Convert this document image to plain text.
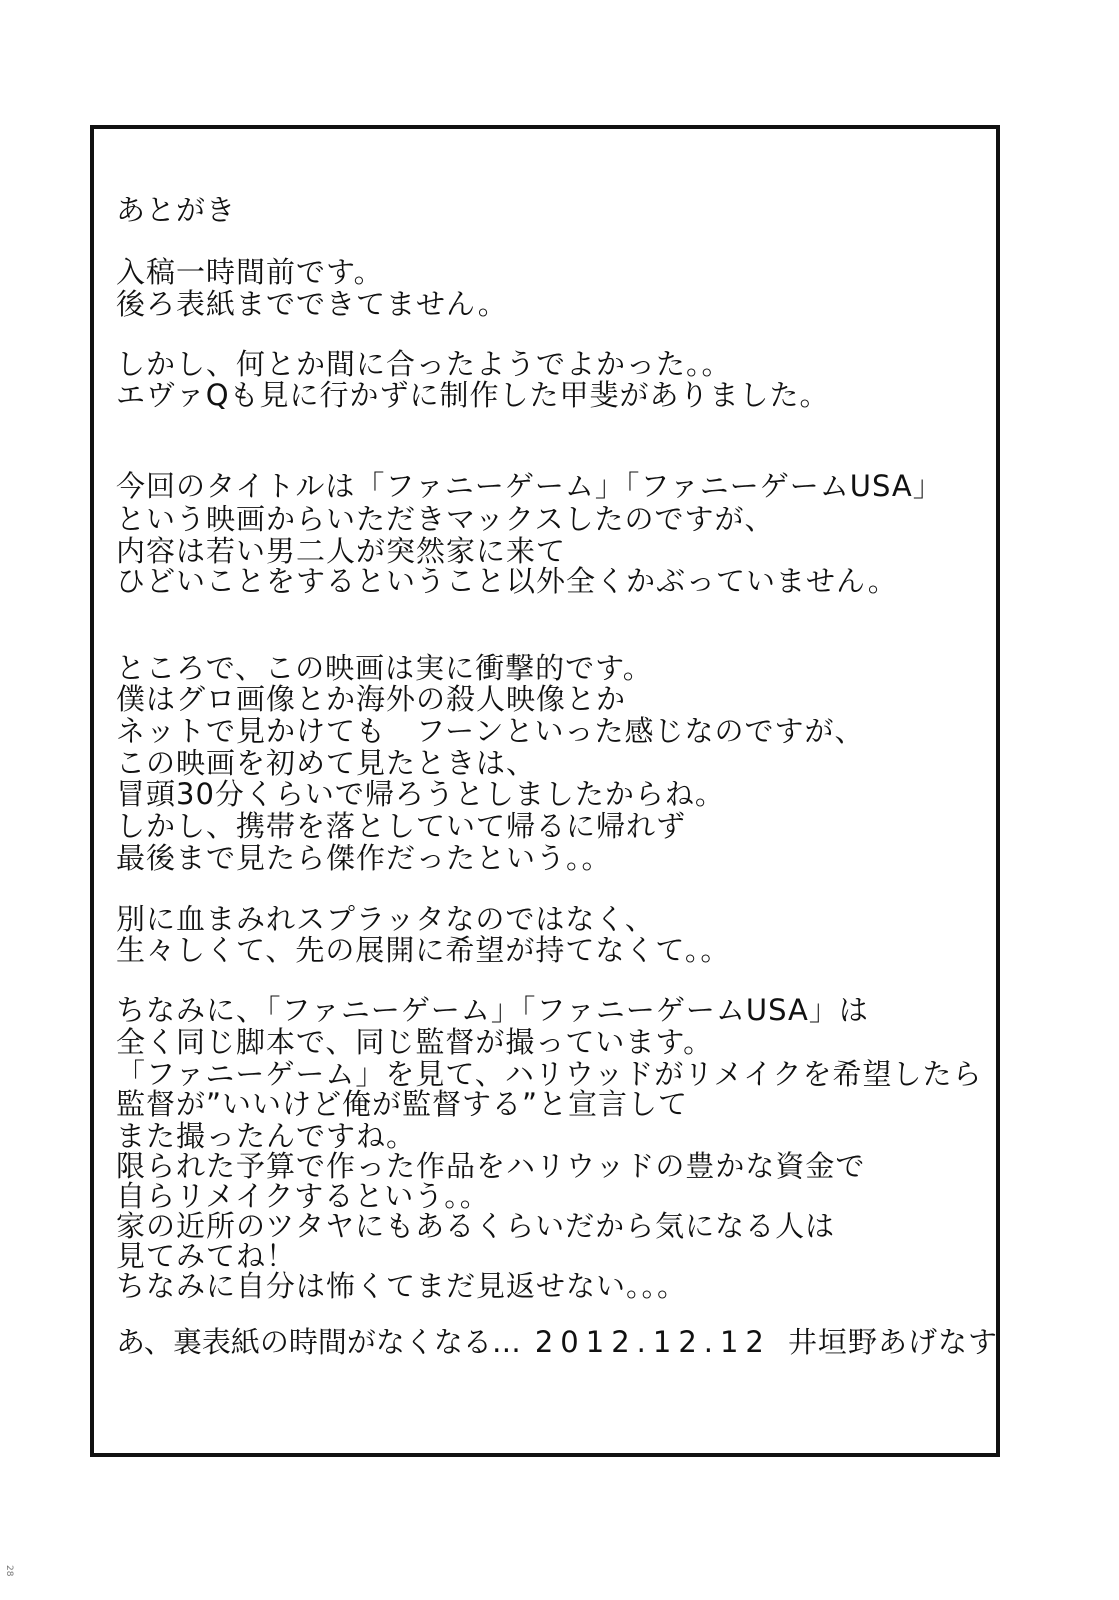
28
あとがき
入稿一時間前です。
後ろ表紙までできてません。
しかし、何とか間に合ったようでよかった。。
エヴァQも見に行かずに制作した甲斐がありました。
今回のタイトルは「ファニーゲーム」「ファニーゲームUSA」
という映画からいただきマックスしたのですが、
内容は若い男二人が突然家に来て
ひどいことをするということ以外全くかぶっていません。
ところで、この映画は実に衝撃的です。
僕はグロ画像とか海外の殺人映像とか
ネットで見かけても　フーンといった感じなのですが、
この映画を初めて見たときは、
冒頭30分くらいで帰ろうとしましたからね。
しかし、携帯を落としていて帰るに帰れず
最後まで見たら傑作だったという。。
別に血まみれスプラッタなのではなく、
生々しくて、先の展開に希望が持てなくて。。
ちなみに、「ファニーゲーム」「ファニーゲームUSA」は
全く同じ脚本で、同じ監督が撮っています。
「ファニーゲーム」を見て、ハリウッドがリメイクを希望したら
監督が”いいけど俺が監督する”と宣言して
また撮ったんですね。
限られた予算で作った作品をハリウッドの豊かな資金で
自らリメイクするという。。
家の近所のツタヤにもあるくらいだから気になる人は
見てみてね！
ちなみに自分は怖くてまだ見返せない。。。
あ、裏表紙の時間がなくなる… 2012.12.12 井垣野あげなす
